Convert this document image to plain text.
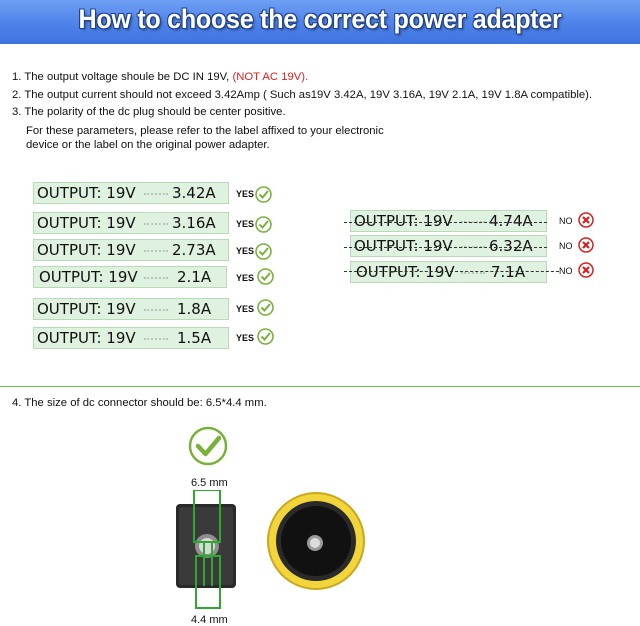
How to choose the correct power adapter
1. The output voltage shoule be DC IN 19V, (NOT AC 19V).
2. The output current should not exceed 3.42Amp ( Such as19V 3.42A, 19V 3.16A, 19V 2.1A, 19V 1.8A compatible).
3. The polarity of the dc plug should be center positive.
For these parameters, please refer to the label affixed to your electronic device or the label on the original power adapter.
OUTPUT: 19V 3.42A YES
OUTPUT: 19V 3.16A YES
OUTPUT: 19V 2.73A YES
OUTPUT: 19V	2.1A	YES
OUTPUT: 19V	1.8A	YES
OUTPUT: 19V	1.5A	YES
OUTPUT: 19V 4.74A	NO
OUTPUT: 19V 6.32A	NO
OUTPUT: 19V 7.1A	NO
4. The size of dc connector should be: 6.5*4.4 mm.
6.5 mm
4.4 mm
